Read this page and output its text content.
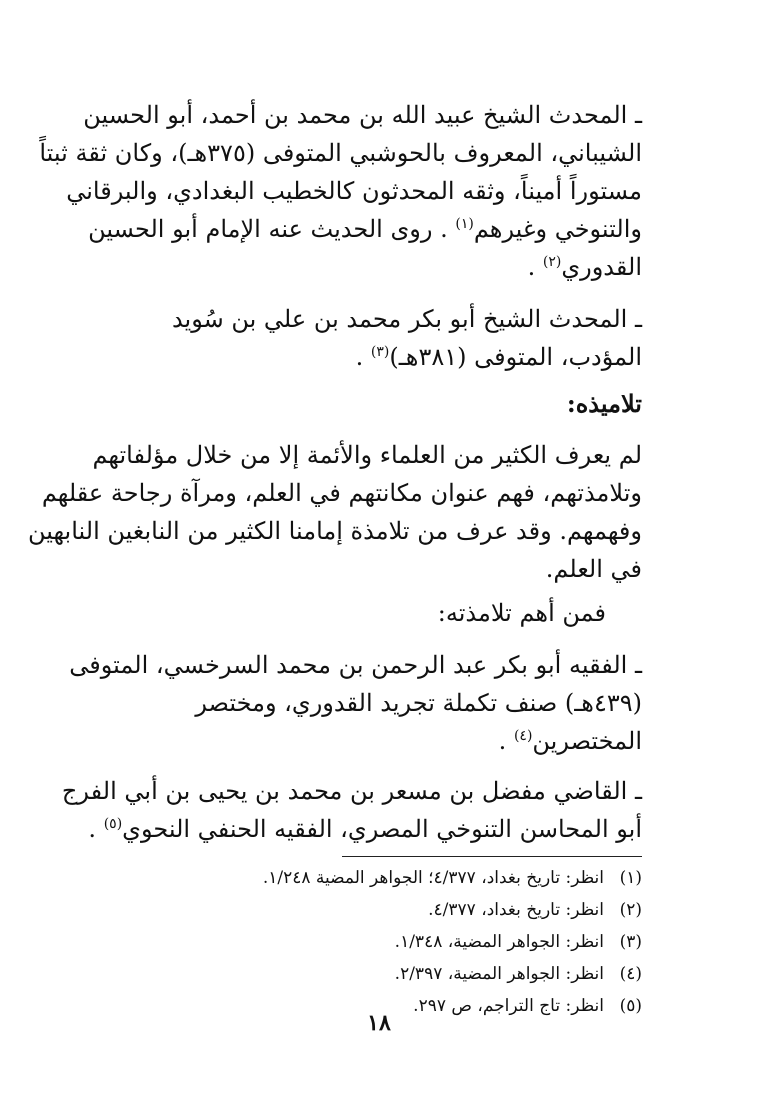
ـ المحدث الشيخ عبيد الله بن محمد بن أحمد، أبو الحسين
الشيباني، المعروف بالحوشبي المتوفى (٣٧٥هـ)، وكان ثقة ثبتاً
مستوراً أميناً، وثقه المحدثون كالخطيب البغدادي، والبرقاني
والتنوخي وغيرهم$^{(١)}$ . روى الحديث عنه الإمام أبو الحسين
القدوري$^{(٢)}$ .
ـ المحدث الشيخ أبو بكر محمد بن علي بن سُويد
المؤدب، المتوفى (٣٨١هـ)$^{(٣)}$ .

تلاميذه:

لم يعرف الكثير من العلماء والأئمة إلا من خلال مؤلفاتهم
وتلامذتهم، فهم عنوان مكانتهم في العلم، ومرآة رجاحة عقلهم
وفهمهم. وقد عرف من تلامذة إمامنا الكثير من النابغين النابهين
في العلم.
فمن أهم تلامذته:
ـ الفقيه أبو بكر عبد الرحمن بن محمد السرخسي، المتوفى
(٤٣٩هـ) صنف تكملة تجريد القدوري، ومختصر
المختصرين$^{(٤)}$ .
ـ القاضي مفضل بن مسعر بن محمد بن يحيى بن أبي الفرج
أبو المحاسن التنوخي المصري، الفقيه الحنفي النحوي$^{(٥)}$ .
(١)
انظر: تاريخ بغداد، ٤/٣٧٧؛ الجواهر المضية ١/٢٤٨.
(٢)
انظر: تاريخ بغداد، ٤/٣٧٧.
(٣)
انظر: الجواهر المضية، ١/٣٤٨.
(٤)
انظر: الجواهر المضية، ٢/٣٩٧.
(٥)
انظر: تاج التراجم، ص ٢٩٧.

١٨
